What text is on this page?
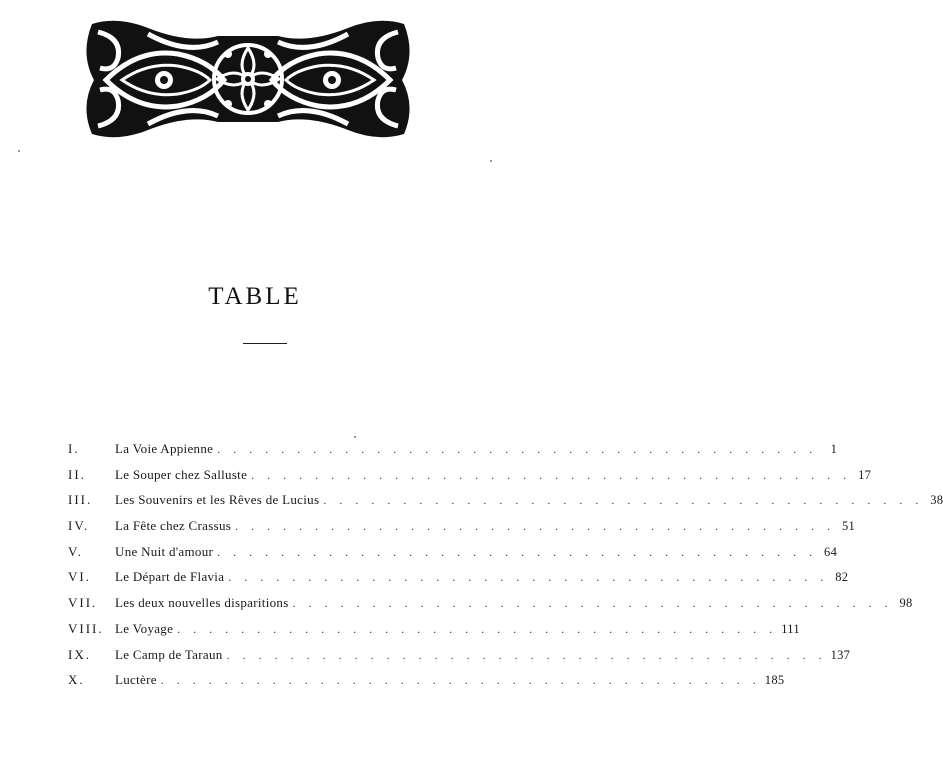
TABLE
I.	La Voie Appienne . . . . . . . . . . . . . . . . . . . . . . . . . . . . . . . . . . . . . .	1
II.	Le Souper chez Salluste . . . . . . . . . . . . . . . . . . . . . . . . . . . . . . . . . . . . . . 17
III.	Les Souvenirs et les Rêves de Lucius . . . . . . . . . . . . . . . . . . . . . . . . . . . . . . . . . . . . . . 38
IV.	La Fête chez Crassus . . . . . . . . . . . . . . . . . . . . . . . . . . . . . . . . . . . . . . 51
V.	Une Nuit d'amour . . . . . . . . . . . . . . . . . . . . . . . . . . . . . . . . . . . . . . 64
VI.	Le Départ de Flavia . . . . . . . . . . . . . . . . . . . . . . . . . . . . . . . . . . . . . . 82
VII.	Les deux nouvelles disparitions . . . . . . . . . . . . . . . . . . . . . . . . . . . . . . . . . . . . . . 98
VIII. Le Voyage . . . . . . . . . . . . . . . . . . . . . . . . . . . . . . . . . . . . . . 111
IX.	Le Camp de Taraun . . . . . . . . . . . . . . . . . . . . . . . . . . . . . . . . . . . . . . 137
X.	Luctère . . . . . . . . . . . . . . . . . . . . . . . . . . . . . . . . . . . . . . 185
